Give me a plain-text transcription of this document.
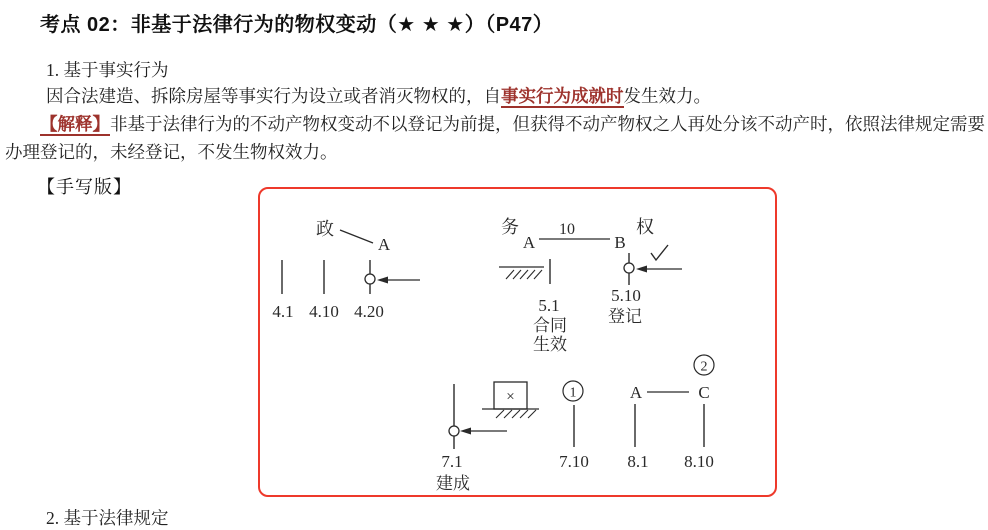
考点 02：非基于法律行为的物权变动（★ ★ ★）（P47）
1. 基于事实行为
因合法建造、拆除房屋等事实行为设立或者消灭物权的，自事实行为成就时发生效力。
【解释】非基于法律行为的不动产物权变动不以登记为前提，但获得不动产物权之人再处分该不动产时，依照法律规定需要办理登记的，未经登记，不发生物权效力。
【手写版】
政
A
4.1 4.10 4.20
务
A
10
B
权
5.1
合同
生效
5.10
登记
×
7.1
建成
1
7.10
A	C
2
8.1 8.10
2. 基于法律规定
